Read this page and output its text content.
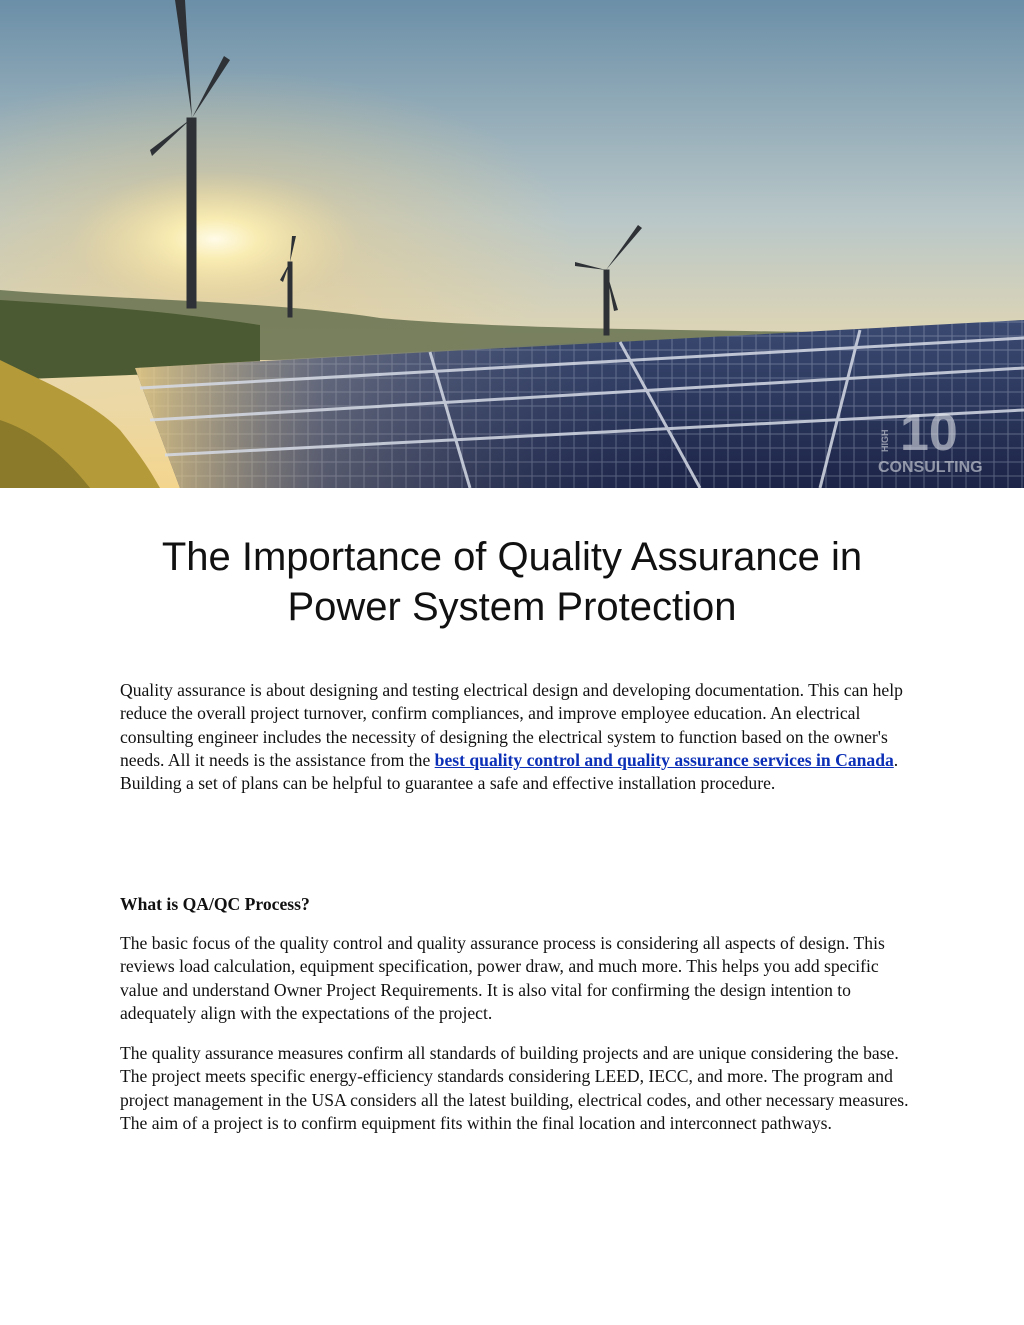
10
CONSULTING
HIGH
The Importance of Quality Assurance in
Power System Protection

Quality assurance is about designing and testing electrical design and developing documentation. This can help reduce the overall project turnover, confirm compliances, and improve employee education. An electrical consulting engineer includes the necessity of designing the electrical system to function based on the owner's needs. All it needs is the assistance from the best quality control and quality assurance services in Canada. Building a set of plans can be helpful to guarantee a safe and effective installation procedure.

What is QA/QC Process?

The basic focus of the quality control and quality assurance process is considering all aspects of design. This reviews load calculation, equipment specification, power draw, and much more. This helps you add specific value and understand Owner Project Requirements. It is also vital for confirming the design intention to adequately align with the expectations of the project.

The quality assurance measures confirm all standards of building projects and are unique considering the base. The project meets specific energy-efficiency standards considering LEED, IECC, and more. The program and project management in the USA considers all the latest building, electrical codes, and other necessary measures. The aim of a project is to confirm equipment fits within the final location and interconnect pathways.
